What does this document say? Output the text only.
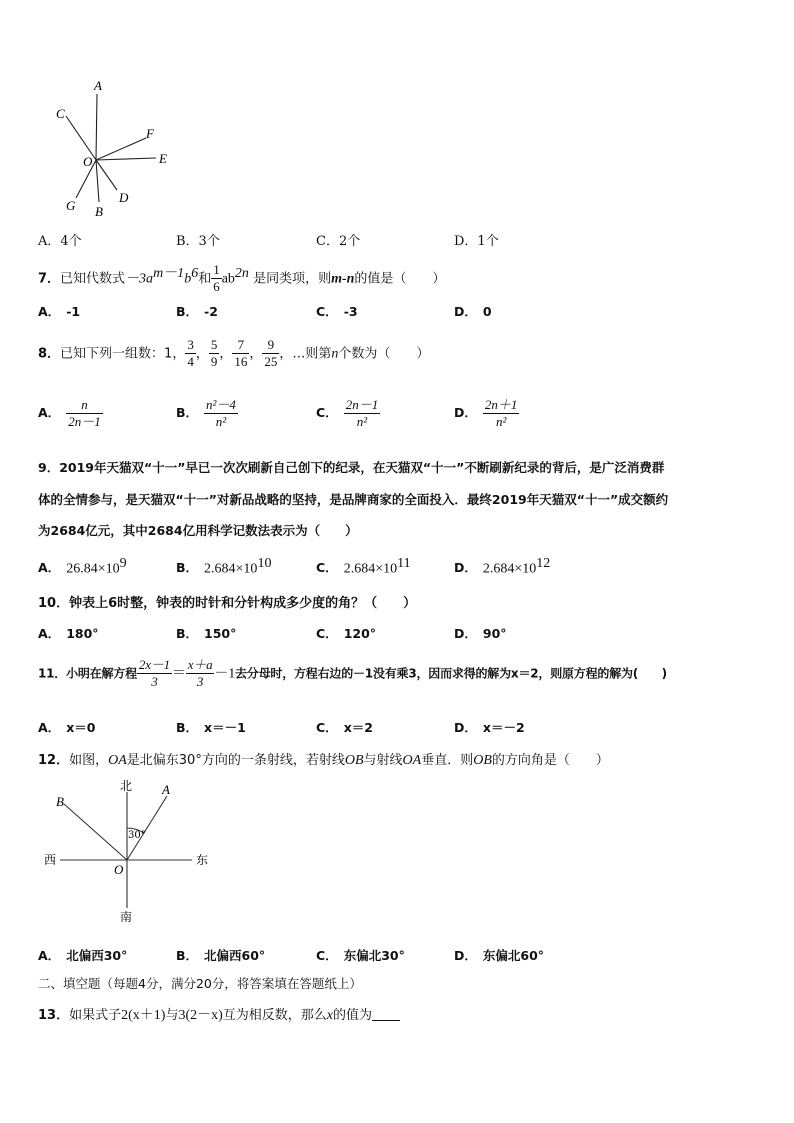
A
C
F
O	E
G B
D
A．4个	B．3个	C．2个	D．1个
7．已知代数式$-3a^{m-1}b^6$和 $\frac{1}{6} ab^{2n}$ 是同类项，则m-n的值是（　　）
A． -1	B． -2	C． -3	D． 0
8．已知下列一组数：1， $\frac{3}{4}$ ， $\frac{5}{9}$ ， $\frac{7}{16}$ ， $\frac{9}{25}$ ，…则第n个数为（　　）
A． $\frac{n}{2n-1}$	B． $\frac{\text{n²－4}}{\text{n²}}$	C． $\frac{2n-1}{\text{n²}}$	D． $\frac{2n+1}{\text{n²}}$
9．2019年天猫双“十一”早已一次次刷新自己创下的纪录，在天猫双“十一”不断刷新纪录的背后，是广泛消费群
体的全情参与，是天猫双“十一”对新品战略的坚持，是品牌商家的全面投入．最终2019年天猫双“十一”成交额约
为2684亿元，其中2684亿用科学记数法表示为（　　）
A． $26.84\times 10^9$	B． $2.684\times 10^{10}$	C． $2.684\times 10^{11}$	D． $2.684\times 10^{12}$
10．钟表上6时整，钟表的时针和分针构成多少度的角？（　　）
A． 180°	B． 150°	C． 120°	D． 90°
11．小明在解方程 $\frac{2x-1}{3} = \frac{x+a}{3} -1$去分母时，方程右边的－1没有乘3，因而求得的解为x＝2，则原方程的解为(　　)
A． x＝0	B． x＝－1	C． x＝2	D． x＝－2
12．如图，OA是北偏东30°方向的一条射线，若射线OB与射线OA垂直．则OB的方向角是（　　）
北
南
西	东
A
B
O
30°
A． 北偏西30°	B． 北偏西60°	C． 东偏北30°	D． 东偏北60°
二、填空题（每题4分，满分20分，将答案填在答题纸上）
13．如果式子2(x＋1)与3(2－x)互为相反数，那么x的值为
